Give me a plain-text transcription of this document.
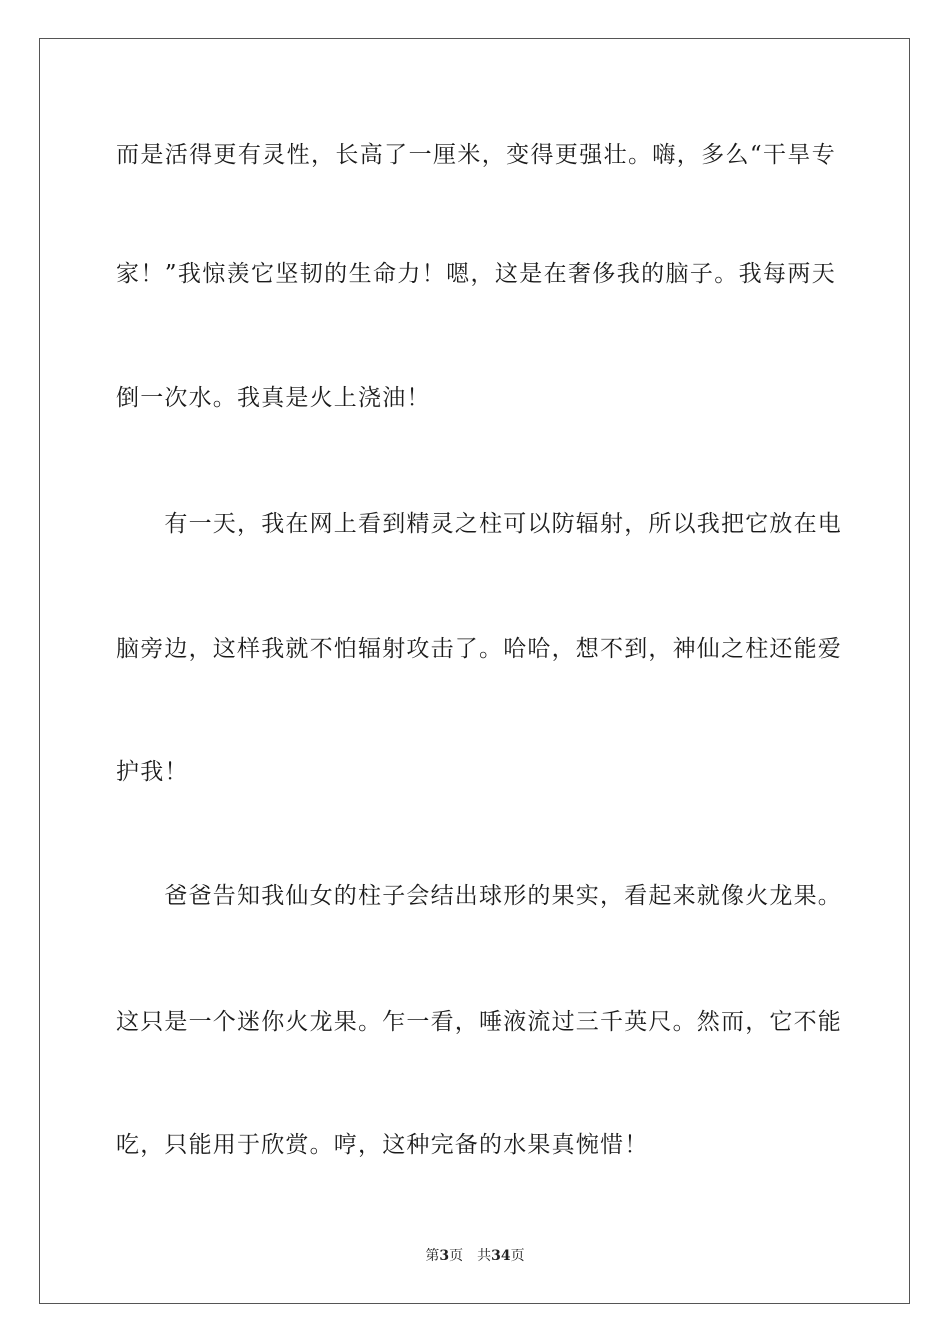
而是活得更有灵性，长高了一厘米，变得更强壮。嗨，多么“干旱专
家！”我惊羡它坚韧的生命力！嗯，这是在奢侈我的脑子。我每两天
倒一次水。我真是火上浇油！
　　有一天，我在网上看到精灵之柱可以防辐射，所以我把它放在电
脑旁边，这样我就不怕辐射攻击了。哈哈，想不到，神仙之柱还能爱
护我！
　　爸爸告知我仙女的柱子会结出球形的果实，看起来就像火龙果。
这只是一个迷你火龙果。乍一看，唾液流过三千英尺。然而，它不能
吃，只能用于欣赏。哼，这种完备的水果真惋惜！
第3页 共34页
